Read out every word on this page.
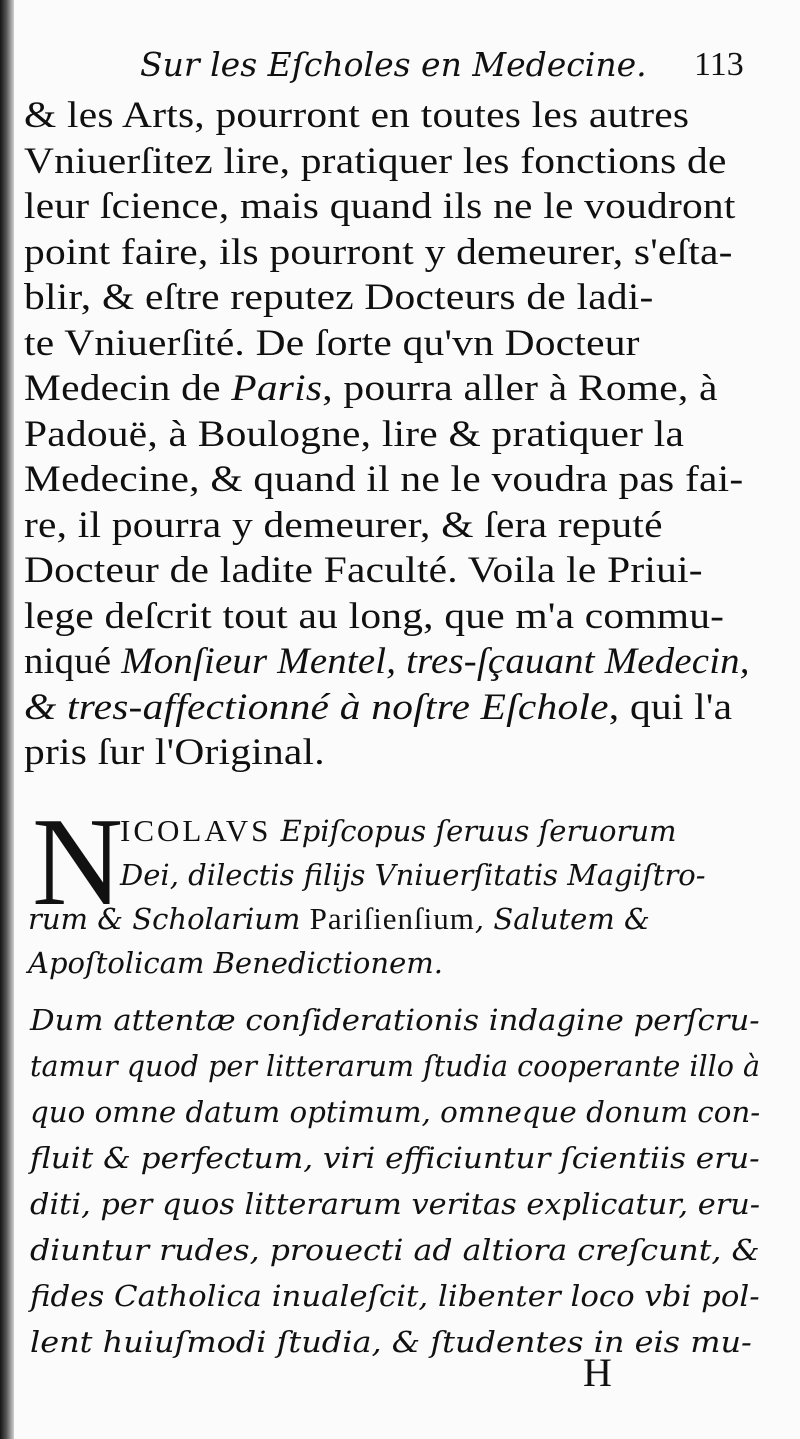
Sur les Eſcholes en Medecine. 113
& les Arts, pourront en toutes les autres
Vniuerſitez lire, pratiquer les fonctions de
leur ſcience, mais quand ils ne le voudront
point faire, ils pourront y demeurer, s'eſta-
blir, & eſtre reputez Docteurs de ladi-
te Vniuerſité. De ſorte qu'vn Docteur
Medecin de Paris, pourra aller à Rome, à
Padouë, à Boulogne, lire & pratiquer la
Medecine, & quand il ne le voudra pas fai-
re, il pourra y demeurer, & ſera reputé
Docteur de ladite Faculté. Voila le Priui-
lege deſcrit tout au long, que m'a commu-
niqué Monſieur Mentel, tres-ſçauant Medecin,
& tres-affectionné à noſtre Eſchole, qui l'a
pris ſur l'Original.
N
ICOLAVS Epiſcopus ſeruus ſeruorum
Dei, dilectis filijs Vniuerſitatis Magiſtro-
rum & Scholarium Pariſienſium, Salutem &
Apoſtolicam Benedictionem.
Dum attentæ conſiderationis indagine perſcru-
tamur quod per litterarum ſtudia cooperante illo à
quo omne datum optimum, omneque donum con-
fluit & perfectum, viri efficiuntur ſcientiis eru-
diti, per quos litterarum veritas explicatur, eru-
diuntur rudes, prouecti ad altiora creſcunt, &
fides Catholica inualeſcit, libenter loco vbi pol-
lent huiuſmodi ſtudia, & ſtudentes in eis mu-
H
